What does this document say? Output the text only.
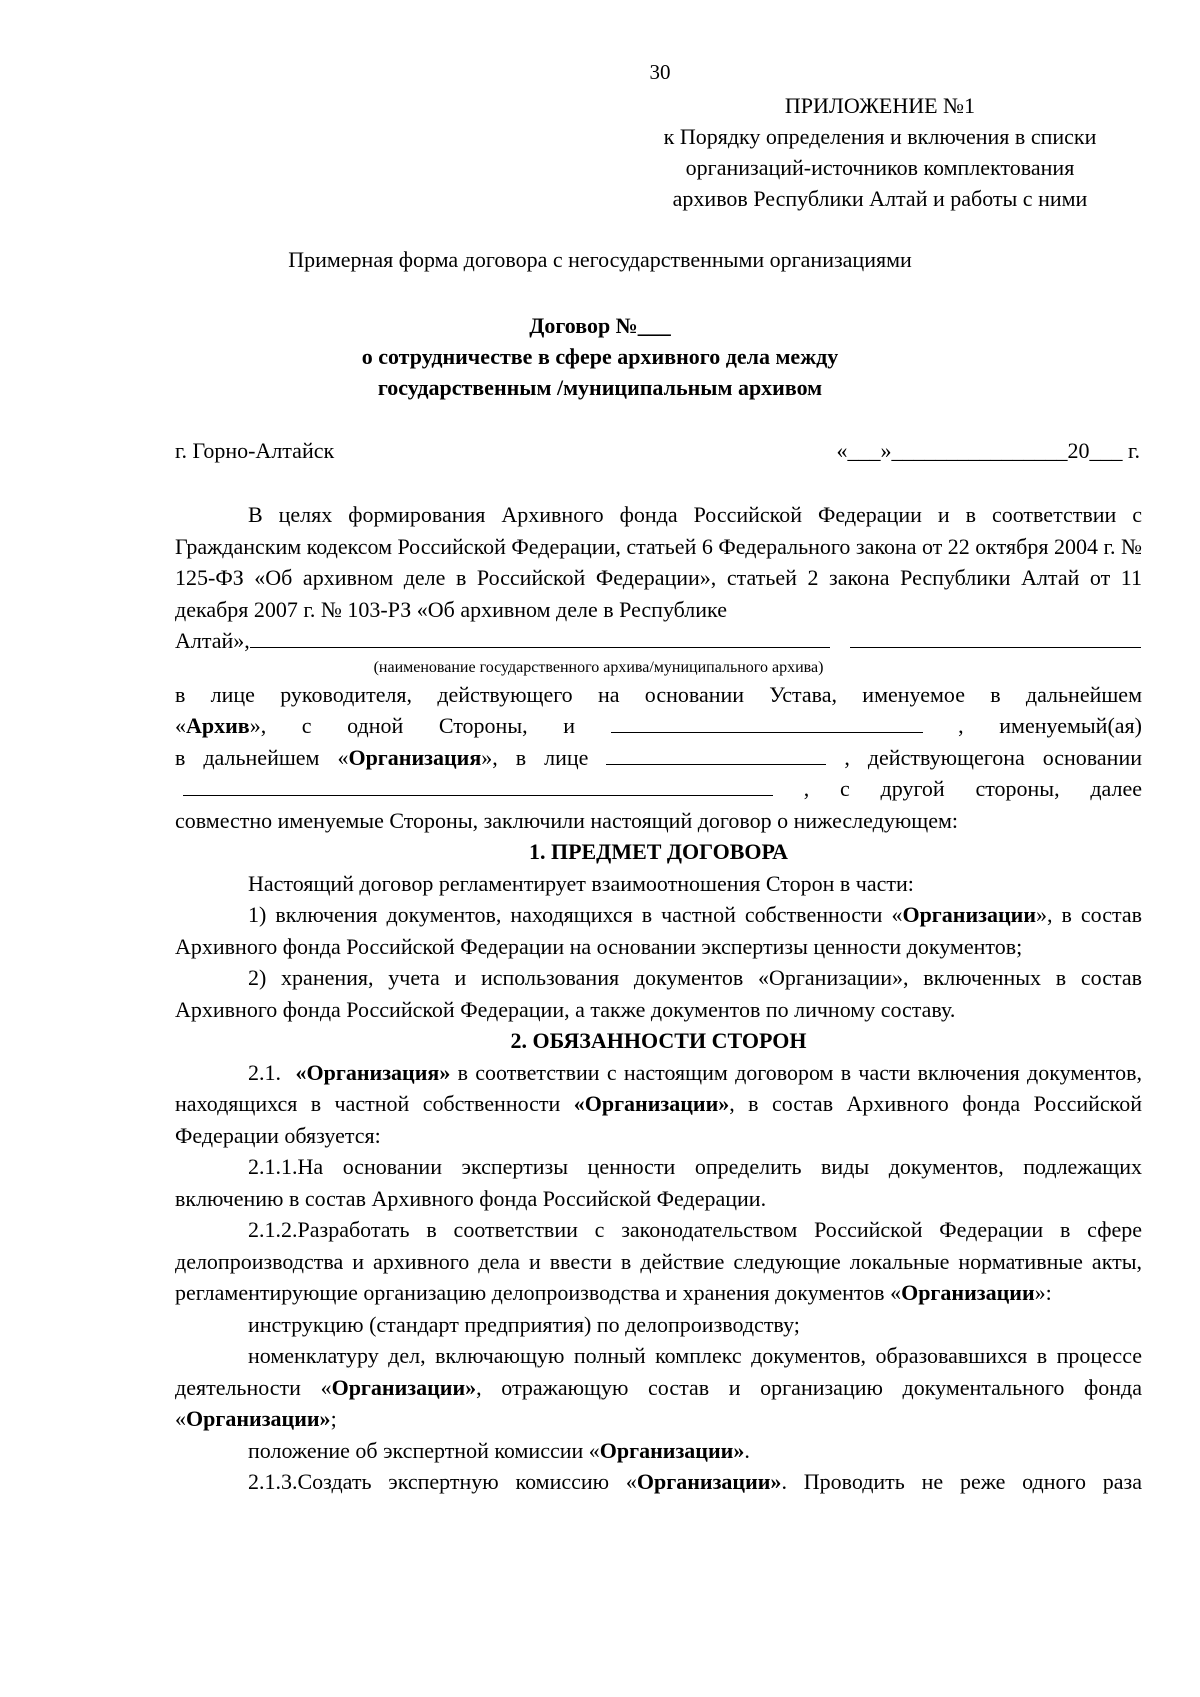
30
ПРИЛОЖЕНИЕ №1
к Порядку определения и включения в списки
организаций-источников комплектования
архивов Республики Алтай и работы с ними
Примерная форма договора с негосударственными организациями
Договор №___
о сотрудничестве в сфере архивного дела между
государственным /муниципальным архивом
г. Горно-Алтайск	«___»________________20___ г.

В целях формирования Архивного фонда Российской Федерации и в соответствии с Гражданским кодексом Российской Федерации, статьей 6 Федерального закона от 22 октября 2004 г. № 125-ФЗ «Об архивном деле в Российской Федерации», статьей 2 закона Республики Алтай от 11 декабря 2007 г. № 103-РЗ «Об архивном деле в Республике

Алтай»,

(наименование государственного архива/муниципального архива)

в лице руководителя, действующего на основании Устава, именуемое в дальнейшем

«Архив», с одной Стороны, и	, именуемый(ая)

в дальнейшем «Организация», в лице	, действующегона основании

, с другой стороны, далее

совместно именуемые Стороны, заключили настоящий договор о нижеследующем:

1. ПРЕДМЕТ ДОГОВОРА

Настоящий договор регламентирует взаимоотношения Сторон в части:

1) включения документов, находящихся в частной собственности «Организации», в состав Архивного фонда Российской Федерации на основании экспертизы ценности документов;

2) хранения, учета и использования документов «Организации», включенных в состав Архивного фонда Российской Федерации, а также документов по личному составу.

2. ОБЯЗАННОСТИ СТОРОН

2.1.  «Организация» в соответствии с настоящим договором в части включения документов, находящихся в частной собственности «Организации», в состав Архивного фонда Российской Федерации обязуется:

2.1.1.На основании экспертизы ценности определить виды документов, подлежащих включению в состав Архивного фонда Российской Федерации.

2.1.2.Разработать в соответствии с законодательством Российской Федерации в сфере делопроизводства и архивного дела и ввести в действие следующие локальные нормативные акты, регламентирующие организацию делопроизводства и хранения документов «Организации»:

инструкцию (стандарт предприятия) по делопроизводству;

номенклатуру дел, включающую полный комплекс документов, образовавшихся в процессе деятельности «Организации», отражающую состав и организацию документального фонда «Организации»;

положение об экспертной комиссии «Организации».

2.1.3.Создать экспертную комиссию «Организации». Проводить не реже одного раза
